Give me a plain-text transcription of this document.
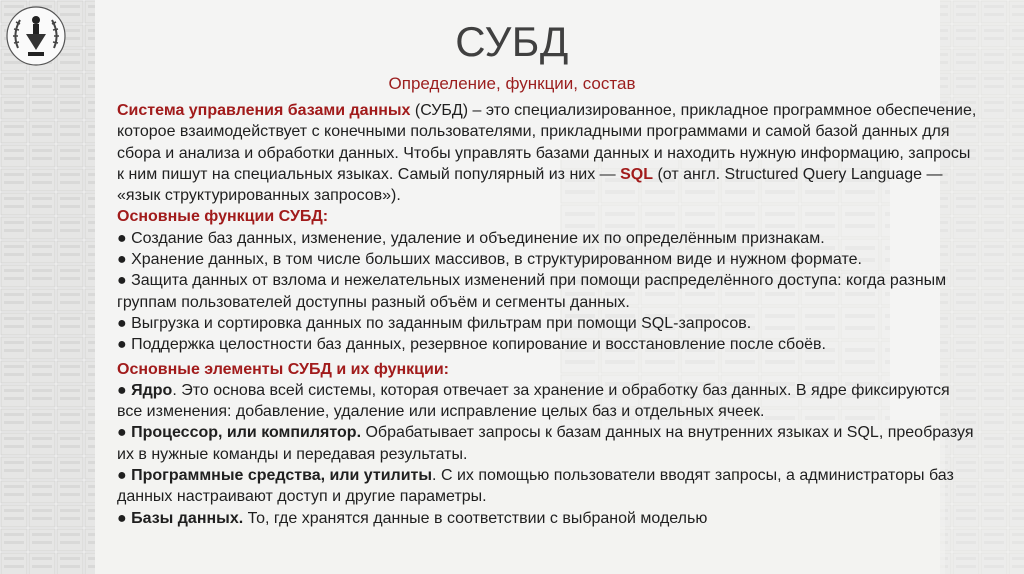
СУБД
Определение, функции, состав

Система управления базами данных (СУБД) – это специализированное, прикладное программное обеспечение, которое взаимодействует с конечными пользователями, прикладными программами и самой базой данных для сбора и анализа и обработки данных. Чтобы управлять базами данных и находить нужную информацию, запросы к ним пишут на специальных языках. Самый популярный из них — SQL (от англ. Structured Query Language — «язык структурированных запросов»).

Основные функции СУБД:

● Создание баз данных, изменение, удаление и объединение их по определённым признакам.

● Хранение данных, в том числе больших массивов, в структурированном виде и нужном формате.

● Защита данных от взлома и нежелательных изменений при помощи распределённого доступа: когда разным группам пользователей доступны разный объём и сегменты данных.

● Выгрузка и сортировка данных по заданным фильтрам при помощи SQL-запросов.

● Поддержка целостности баз данных, резервное копирование и восстановление после сбоёв.

Основные элементы СУБД и их функции:

● Ядро. Это основа всей системы, которая отвечает за хранение и обработку баз данных. В ядре фиксируются все изменения: добавление, удаление или исправление целых баз и отдельных ячеек.

● Процессор, или компилятор. Обрабатывает запросы к базам данных на внутренних языках и SQL, преобразуя их в нужные команды и передавая результаты.

● Программные средства, или утилиты. С их помощью пользователи вводят запросы, а администраторы баз данных настраивают доступ и другие параметры.

● Базы данных. То, где хранятся данные в соответствии с выбраной моделью
